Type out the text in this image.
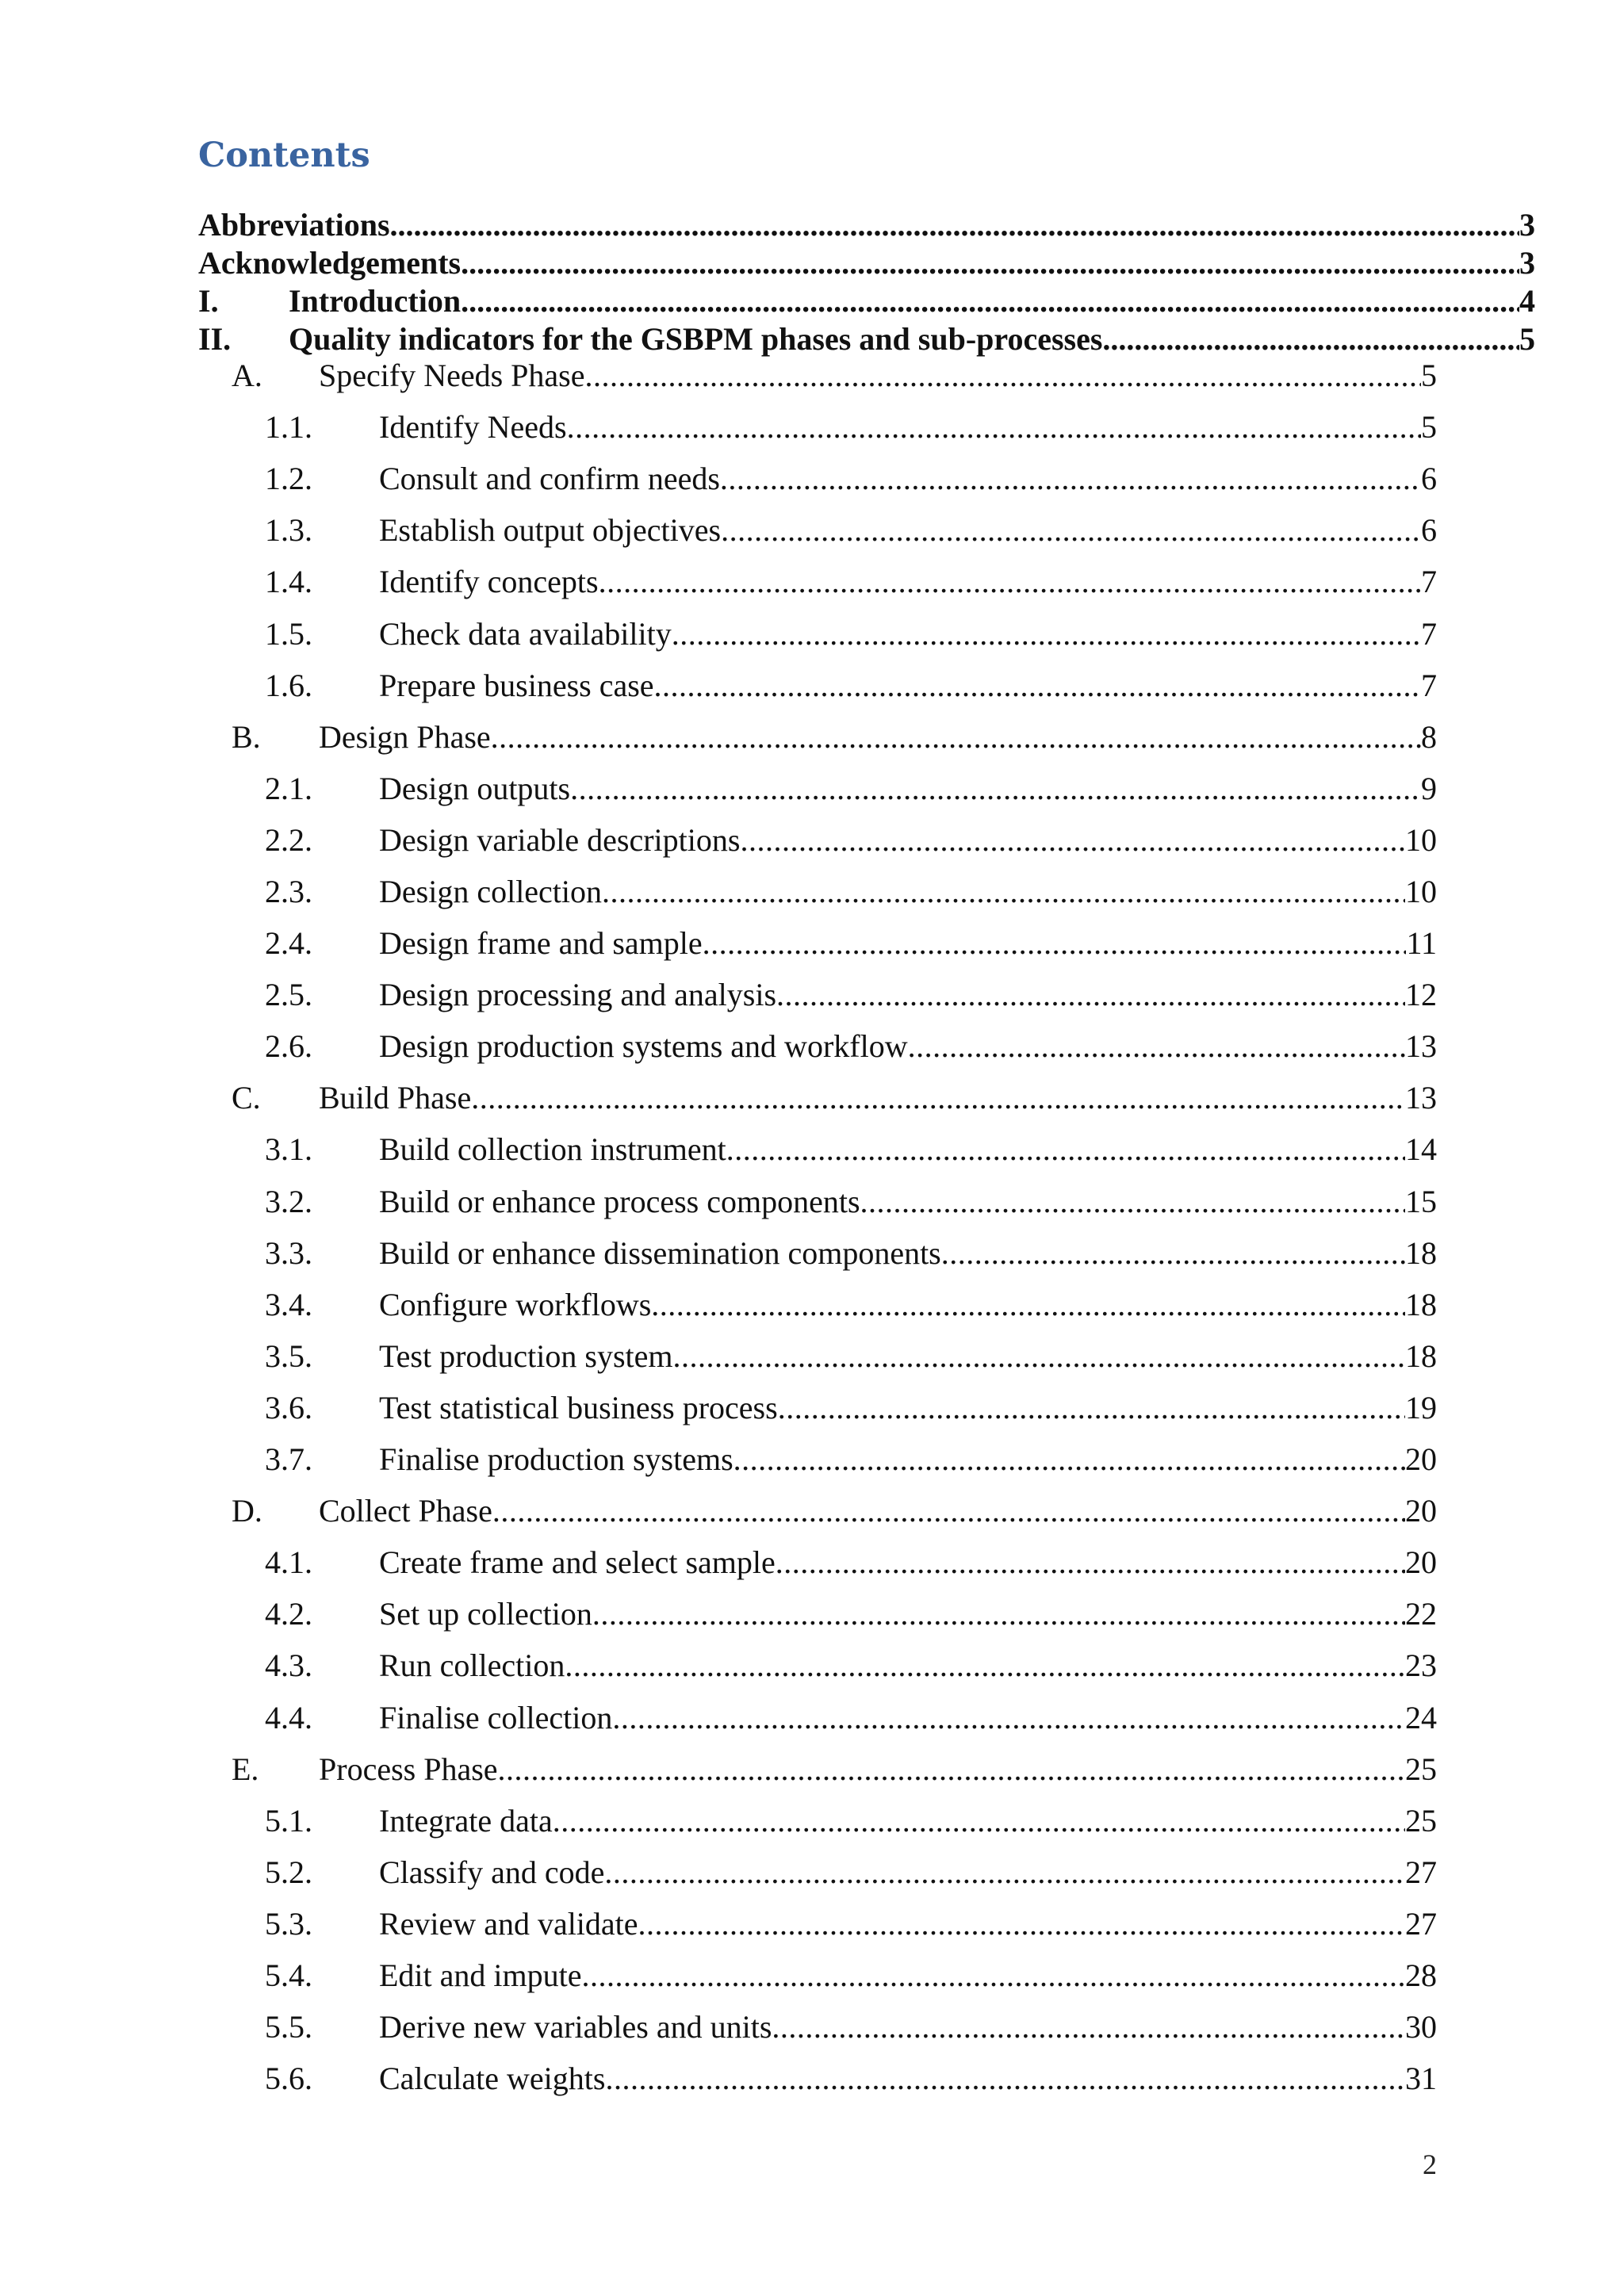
Contents
Abbreviations .....	3
Acknowledgements .....	3
I.	Introduction .....	4
II.	Quality indicators for the GSBPM phases and sub-processes .....	5
A.	Specify Needs Phase .....	5
1.1.	Identify Needs .....	5
1.2.	Consult and confirm needs .....	6
1.3.	Establish output objectives .....	6
1.4.	Identify concepts .....	7
1.5.	Check data availability .....	7
1.6.	Prepare business case .....	7
B.	Design Phase .....	8
2.1.	Design outputs .....	9
2.2.	Design variable descriptions .....	10
2.3.	Design collection .....	10
2.4.	Design frame and sample .....	11
2.5.	Design processing and analysis .....	12
2.6.	Design production systems and workflow .....	13
C.	Build Phase .....	13
3.1.	Build collection instrument .....	14
3.2.	Build or enhance process components .....	15
3.3.	Build or enhance dissemination components .....	18
3.4.	Configure workflows .....	18
3.5.	Test production system .....	18
3.6.	Test statistical business process .....	19
3.7.	Finalise production systems .....	20
D.	Collect Phase .....	20
4.1.	Create frame and select sample .....	20
4.2.	Set up collection .....	22
4.3.	Run collection .....	23
4.4.	Finalise collection .....	24
E.	Process Phase .....	25
5.1.	Integrate data .....	25
5.2.	Classify and code .....	27
5.3.	Review and validate .....	27
5.4.	Edit and impute .....	28
5.5.	Derive new variables and units .....	30
5.6.	Calculate weights .....	31
2
